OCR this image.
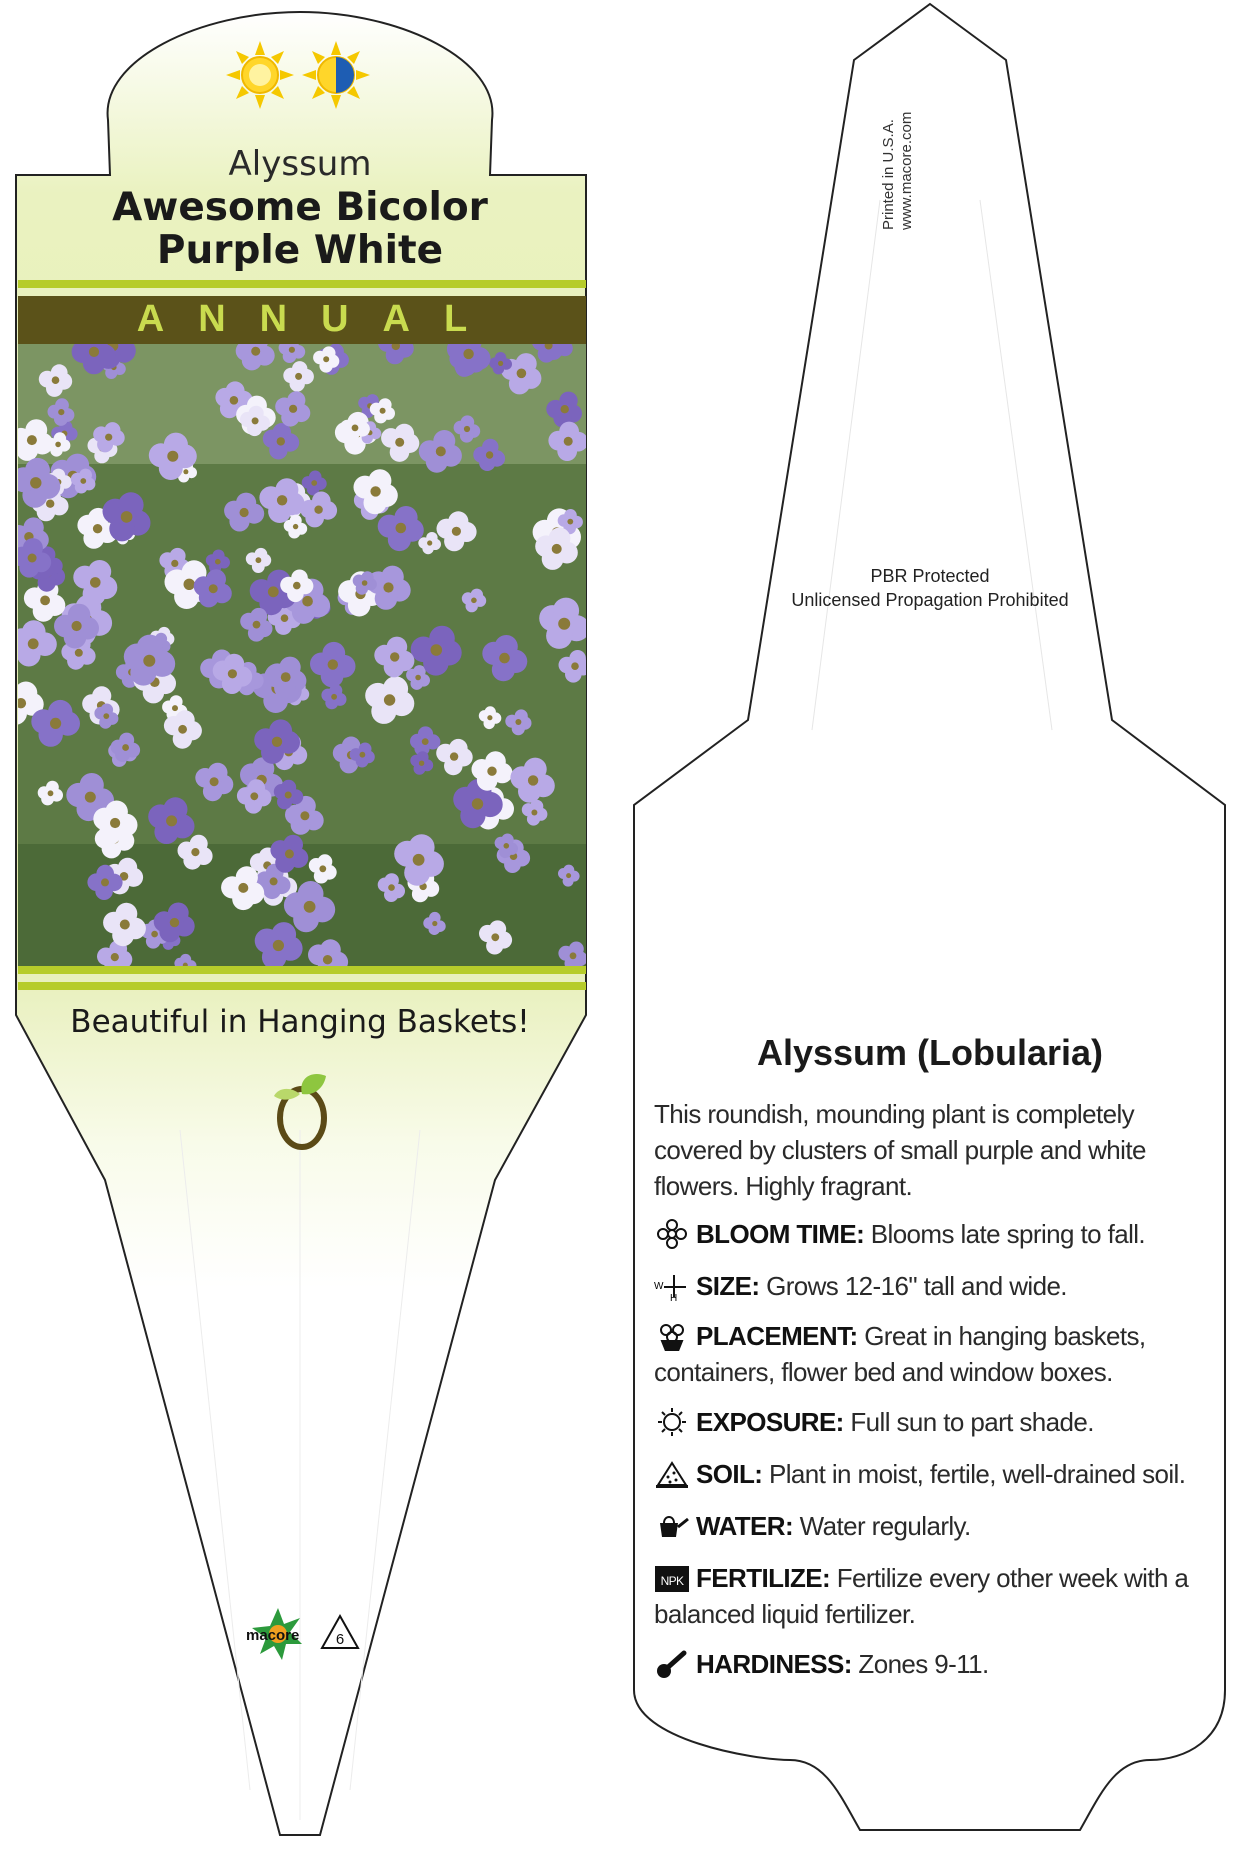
Alyssum
Awesome Bicolor
Purple White
ANNUAL
Beautiful in Hanging Baskets!
macore 6
Printed in U.S.A. www.macore.com
PBR Protected
Unlicensed Propagation Prohibited
Alyssum (Lobularia)
This roundish, mounding plant is completely covered by clusters of small purple and white flowers. Highly fragrant.
BLOOM TIME: Blooms late spring to fall.
W
H SIZE: Grows 12-16" tall and wide.
PLACEMENT: Great in hanging baskets, containers, flower bed and window boxes.
EXPOSURE: Full sun to part shade.
SOIL: Plant in moist, fertile, well-drained soil.
WATER: Water regularly.
NPK FERTILIZE: Fertilize every other week with a balanced liquid fertilizer.
HARDINESS: Zones 9-11.
